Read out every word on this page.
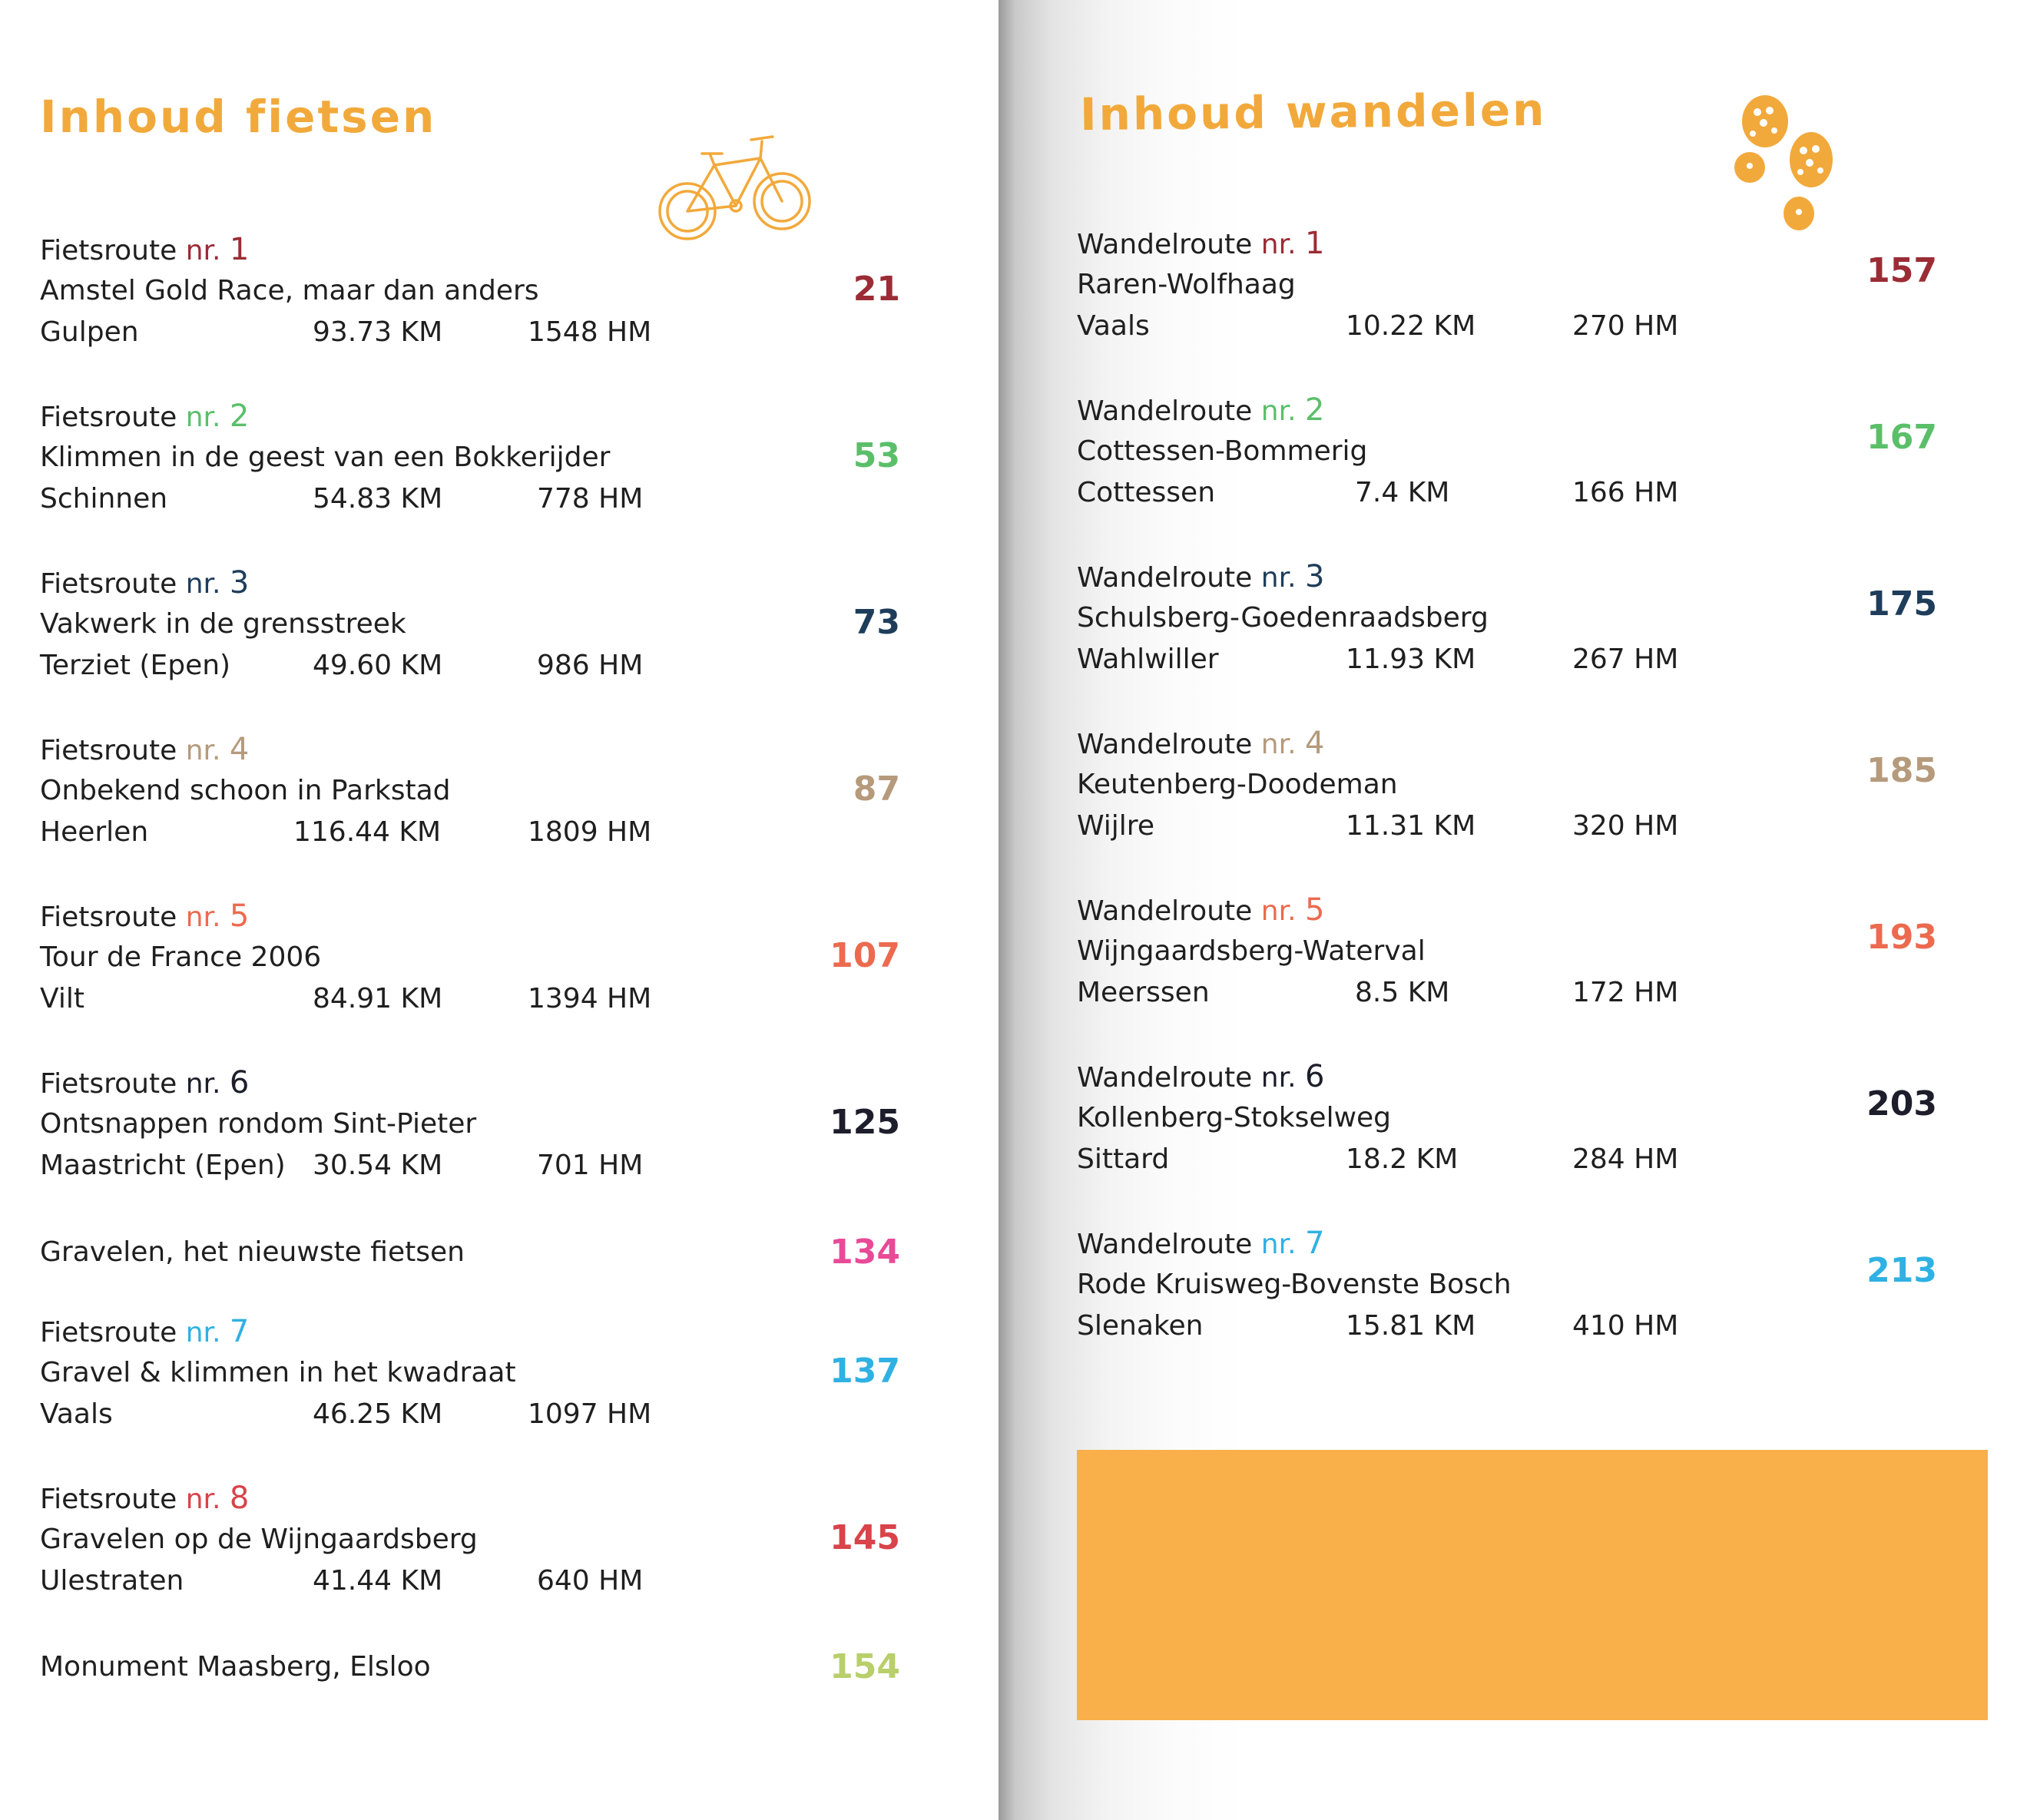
Inhoud fietsen
Fietsroute nr. 1
Amstel Gold Race, maar dan anders
Gulpen	93.73 KM	1548 HM
21
Fietsroute nr. 2
Klimmen in de geest van een Bokkerijder
Schinnen	54.83 KM	778 HM
53
Fietsroute nr. 3
Vakwerk in de grensstreek
Terziet (Epen)	49.60 KM	986 HM
73
Fietsroute nr. 4
Onbekend schoon in Parkstad
Heerlen	116.44 KM	1809 HM
87
Fietsroute nr. 5
Tour de France 2006
Vilt	84.91 KM	1394 HM
107
Fietsroute nr. 6
Ontsnappen rondom Sint-Pieter
Maastricht (Epen) 30.54 KM	701 HM
125
Gravelen, het nieuwste fietsen	134
Fietsroute nr. 7
Gravel & klimmen in het kwadraat
Vaals	46.25 KM	1097 HM
137
Fietsroute nr. 8
Gravelen op de Wijngaardsberg
Ulestraten	41.44 KM	640 HM
145
Monument Maasberg, Elsloo	154
Inhoud wandelen
Wandelroute nr. 1
Raren-Wolfhaag
Vaals	10.22 KM	270 HM
157
Wandelroute nr. 2
Cottessen-Bommerig
Cottessen	7.4 KM	166 HM
167
Wandelroute nr. 3
Schulsberg-Goedenraadsberg
Wahlwiller	11.93 KM	267 HM
175
Wandelroute nr. 4
Keutenberg-Doodeman
Wijlre	11.31 KM	320 HM
185
Wandelroute nr. 5
Wijngaardsberg-Waterval
Meerssen	8.5 KM	172 HM
193
Wandelroute nr. 6
Kollenberg-Stokselweg
Sittard	18.2 KM	284 HM
203
Wandelroute nr. 7
Rode Kruisweg-Bovenste Bosch
Slenaken	15.81 KM	410 HM
213
